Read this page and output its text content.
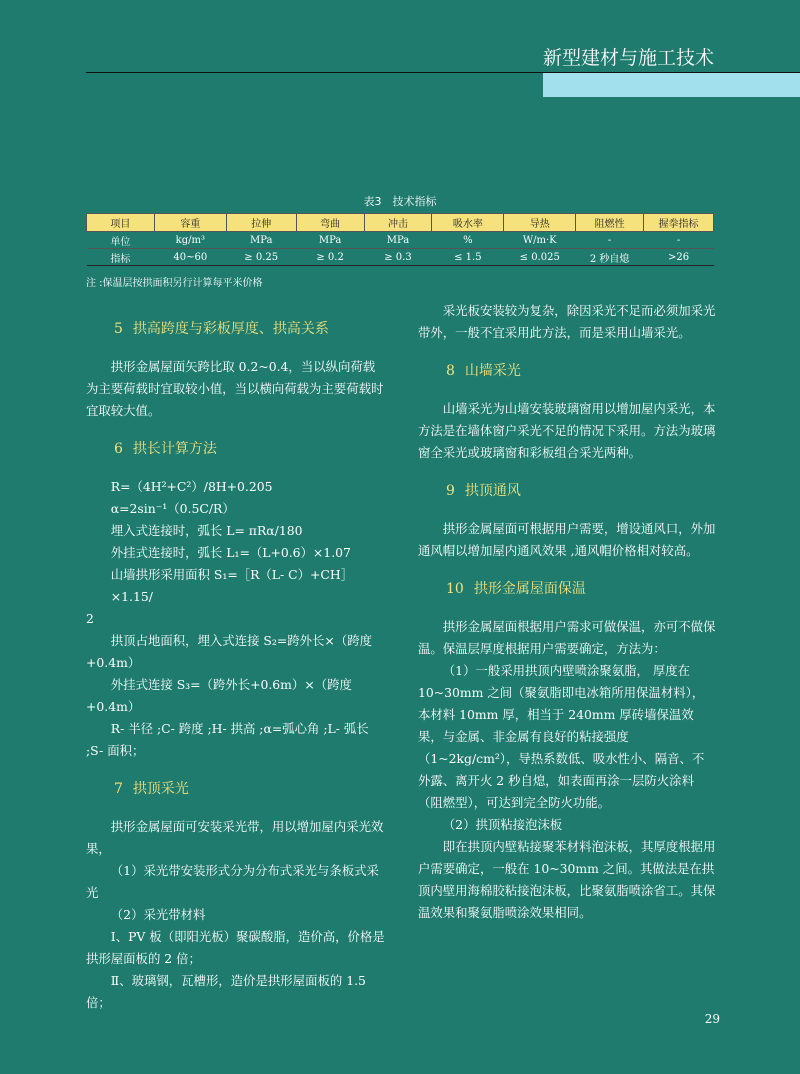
新型建材与施工技术
表3　技术指标
项目	容重	拉伸	弯曲	冲击	吸水率	导热	阻燃性	握拳指标
单位	kg/m³	MPa	MPa	MPa	%	W/m·K	-	-
指标	40~60	≥ 0.25	≥ 0.2	≥ 0.3	≤ 1.5	≤ 0.025	2 秒自熄	>26
注 :保温层按拱面积另行计算每平米价格
5 拱高跨度与彩板厚度、拱高关系

拱形金属屋面矢跨比取 0.2~0.4，当以纵向荷载为主要荷载时宜取较小值，当以横向荷载为主要荷载时宜取较大值。

6 拱长计算方法

R=（4H²+C²）/8H+0.205

α=2sin⁻¹（0.5C/R）

埋入式连接时，弧长 L= πRα/180

外挂式连接时，弧长 L₁=（L+0.6）×1.07

山墙拱形采用面积 S₁=［R（L- C）+CH］×1.15/

2

拱顶占地面积，埋入式连接 S₂=跨外长×（跨度+0.4m）

外挂式连接 S₃=（跨外长+0.6m）×（跨度+0.4m）

R- 半径 ;C- 跨度 ;H- 拱高 ;α=弧心角 ;L- 弧长 ;S- 面积；

7 拱顶采光

拱形金属屋面可安装采光带，用以增加屋内采光效果，

（1）采光带安装形式分为分布式采光与条板式采光

（2）采光带材料

Ⅰ、PV 板（即阳光板）聚碳酸脂，造价高，价格是拱形屋面板的 2 倍；

Ⅱ、玻璃钢，瓦槽形，造价是拱形屋面板的 1.5 倍；

采光板安装较为复杂，除因采光不足而必须加采光带外，一般不宜采用此方法，而是采用山墙采光。

8 山墙采光

山墙采光为山墙安装玻璃窗用以增加屋内采光，本方法是在墙体窗户采光不足的情况下采用。方法为玻璃窗全采光或玻璃窗和彩板组合采光两种。

9 拱顶通风

拱形金属屋面可根据用户需要，增设通风口，外加通风帽以增加屋内通风效果 ,通风帽价格相对较高。

10 拱形金属屋面保温

拱形金属屋面根据用户需求可做保温，亦可不做保温。保温层厚度根据用户需要确定，方法为：

（1）一般采用拱顶内壁喷涂聚氨脂， 厚度在 10~30mm 之间（聚氨脂即电冰箱所用保温材料），本材料 10mm 厚，相当于 240mm 厚砖墙保温效果，与金属、非金属有良好的粘接强度（1~2kg/cm²），导热系数低、吸水性小、隔音、不外露、离开火 2 秒自熄，如表面再涂一层防火涂料（阻燃型），可达到完全防火功能。

（2）拱顶粘接泡沫板

即在拱顶内壁粘接聚苯材料泡沫板，其厚度根据用户需要确定，一般在 10~30mm 之间。其做法是在拱顶内壁用海棉胶粘接泡沫板，比聚氨脂喷涂省工。其保温效果和聚氨脂喷涂效果相同。

29
